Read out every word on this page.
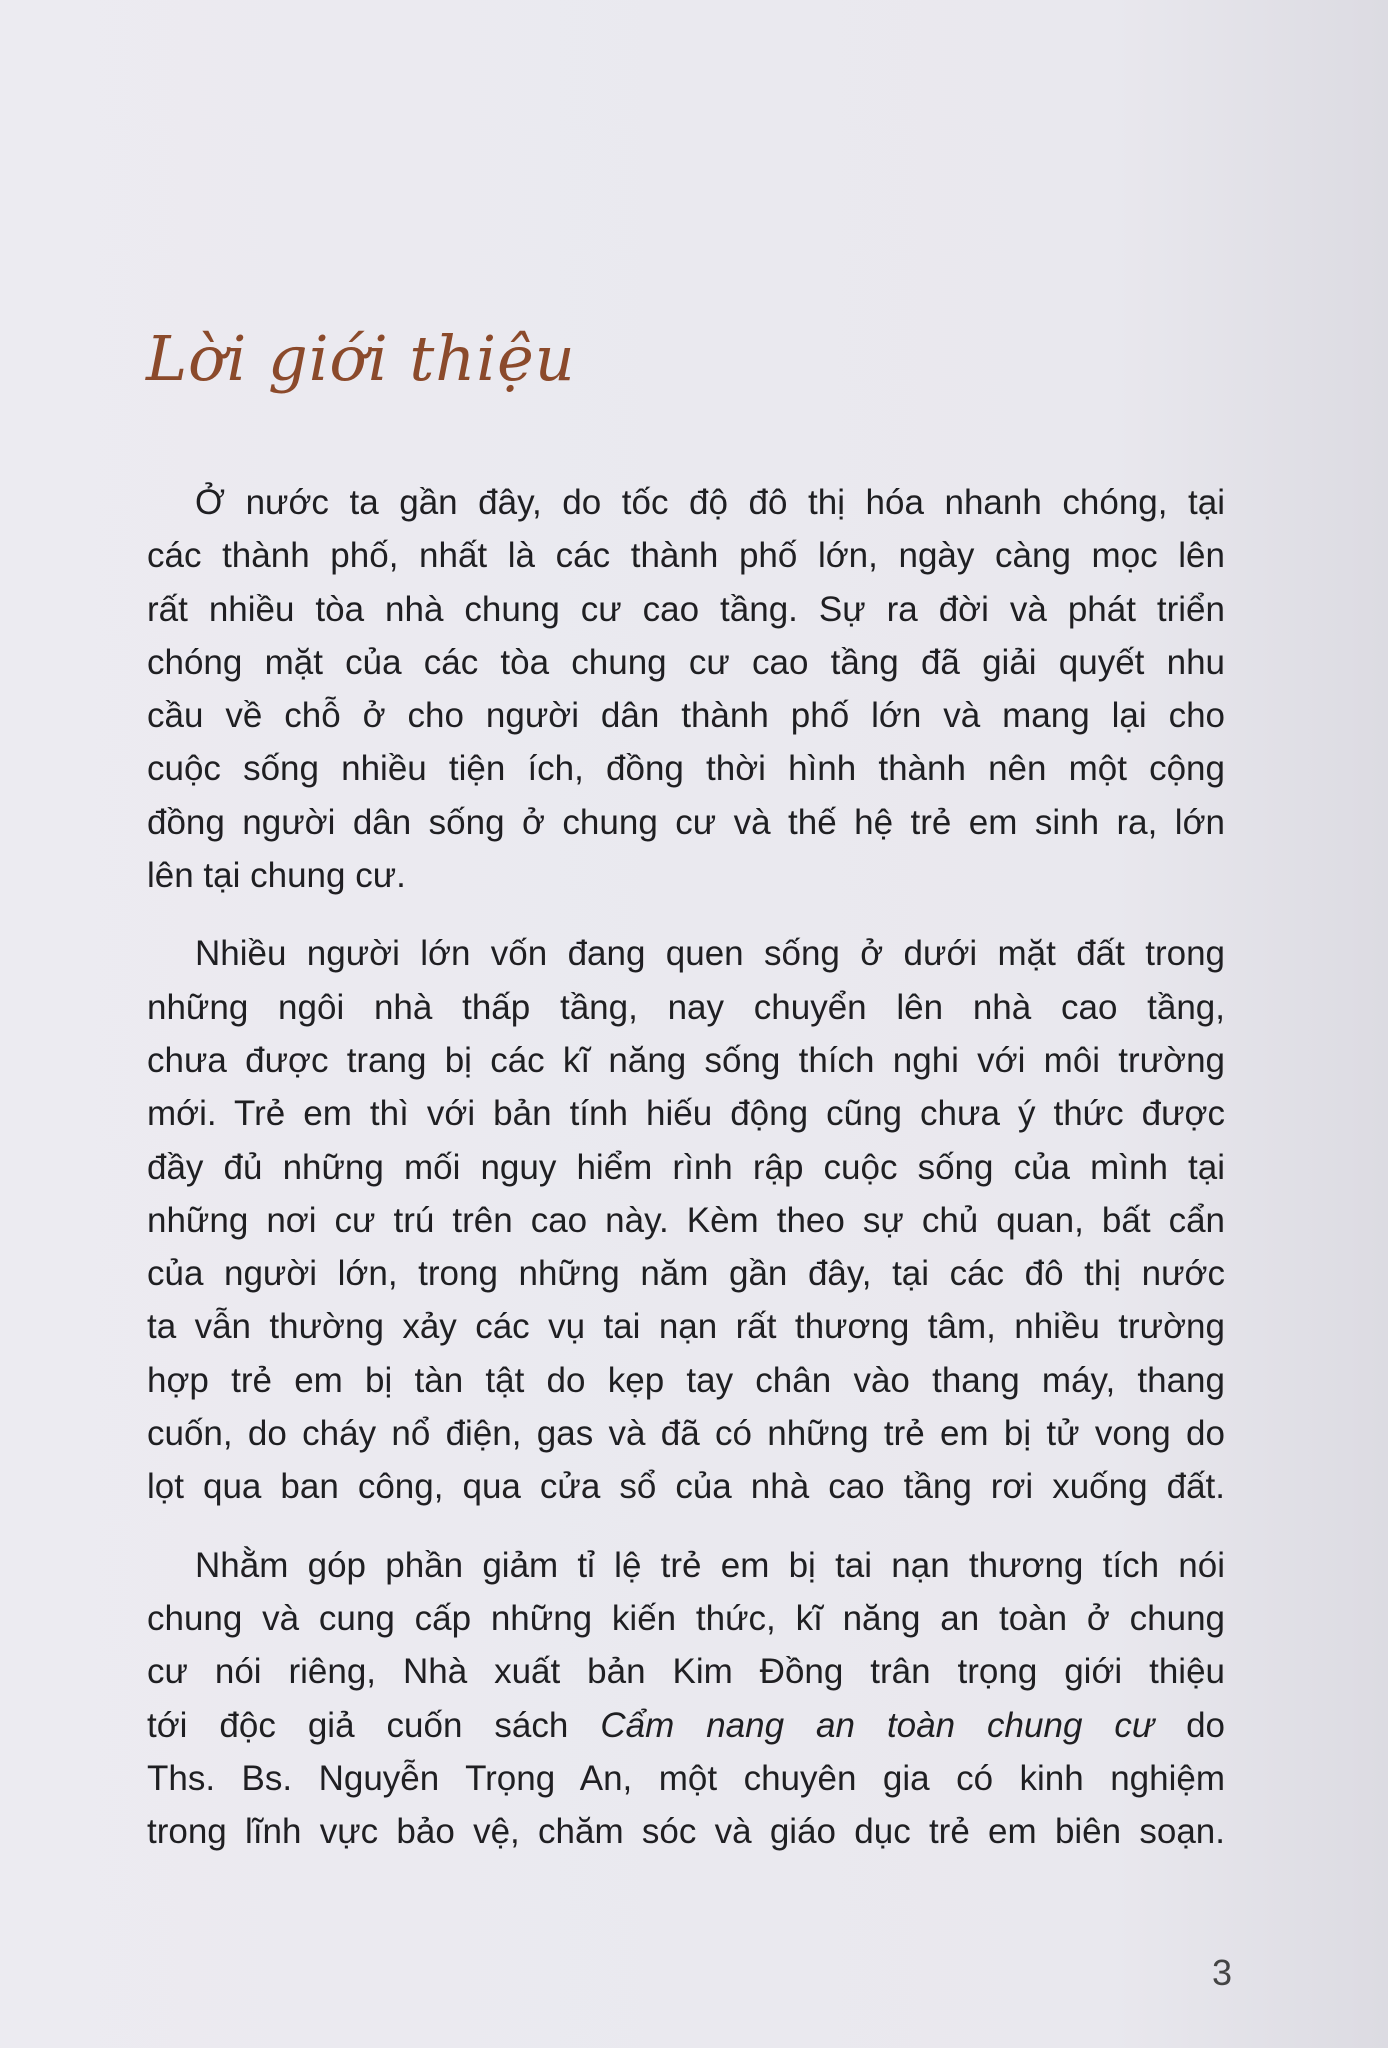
Lời giới thiệu
Ở nước ta gần đây, do tốc độ đô thị hóa nhanh chóng, tại
các thành phố, nhất là các thành phố lớn, ngày càng mọc lên
rất nhiều tòa nhà chung cư cao tầng. Sự ra đời và phát triển
chóng mặt của các tòa chung cư cao tầng đã giải quyết nhu
cầu về chỗ ở cho người dân thành phố lớn và mang lại cho
cuộc sống nhiều tiện ích, đồng thời hình thành nên một cộng
đồng người dân sống ở chung cư và thế hệ trẻ em sinh ra, lớn
lên tại chung cư.
Nhiều người lớn vốn đang quen sống ở dưới mặt đất trong
những ngôi nhà thấp tầng, nay chuyển lên nhà cao tầng,
chưa được trang bị các kĩ năng sống thích nghi với môi trường
mới. Trẻ em thì với bản tính hiếu động cũng chưa ý thức được
đầy đủ những mối nguy hiểm rình rập cuộc sống của mình tại
những nơi cư trú trên cao này. Kèm theo sự chủ quan, bất cẩn
của người lớn, trong những năm gần đây, tại các đô thị nước
ta vẫn thường xảy các vụ tai nạn rất thương tâm, nhiều trường
hợp trẻ em bị tàn tật do kẹp tay chân vào thang máy, thang
cuốn, do cháy nổ điện, gas và đã có những trẻ em bị tử vong do
lọt qua ban công, qua cửa sổ của nhà cao tầng rơi xuống đất.
Nhằm góp phần giảm tỉ lệ trẻ em bị tai nạn thương tích nói
chung và cung cấp những kiến thức, kĩ năng an toàn ở chung
cư nói riêng, Nhà xuất bản Kim Đồng trân trọng giới thiệu
tới độc giả cuốn sách Cẩm nang an toàn chung cư do
Ths. Bs. Nguyễn Trọng An, một chuyên gia có kinh nghiệm
trong lĩnh vực bảo vệ, chăm sóc và giáo dục trẻ em biên soạn.
3
